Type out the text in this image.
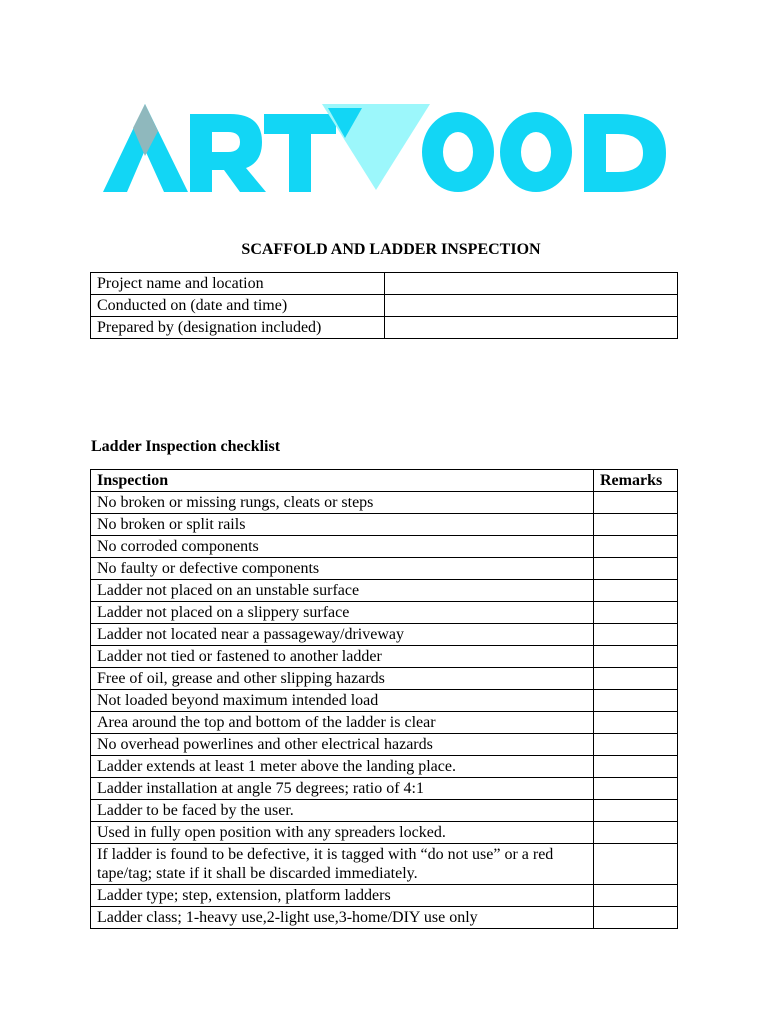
SCAFFOLD AND LADDER INSPECTION
Project name and location	
Conducted on (date and time)	
Prepared by (designation included)	
Ladder Inspection checklist
Inspection	Remarks
No broken or missing rungs, cleats or steps	
No broken or split rails	
No corroded components	
No faulty or defective components	
Ladder not placed on an unstable surface	
Ladder not placed on a slippery surface	
Ladder not located near a passageway/driveway	
Ladder not tied or fastened to another ladder	
Free of oil, grease and other slipping hazards	
Not loaded beyond maximum intended load	
Area around the top and bottom of the ladder is clear	
No overhead powerlines and other electrical hazards	
Ladder extends at least 1 meter above the landing place.	
Ladder installation at angle 75 degrees; ratio of 4:1	
Ladder to be faced by the user.	
Used in fully open position with any spreaders locked.	
If ladder is found to be defective, it is tagged with “do not use” or a red tape/tag; state if it shall be discarded immediately.	
Ladder type; step, extension, platform ladders	
Ladder class; 1-heavy use,2-light use,3-home/DIY use only	
